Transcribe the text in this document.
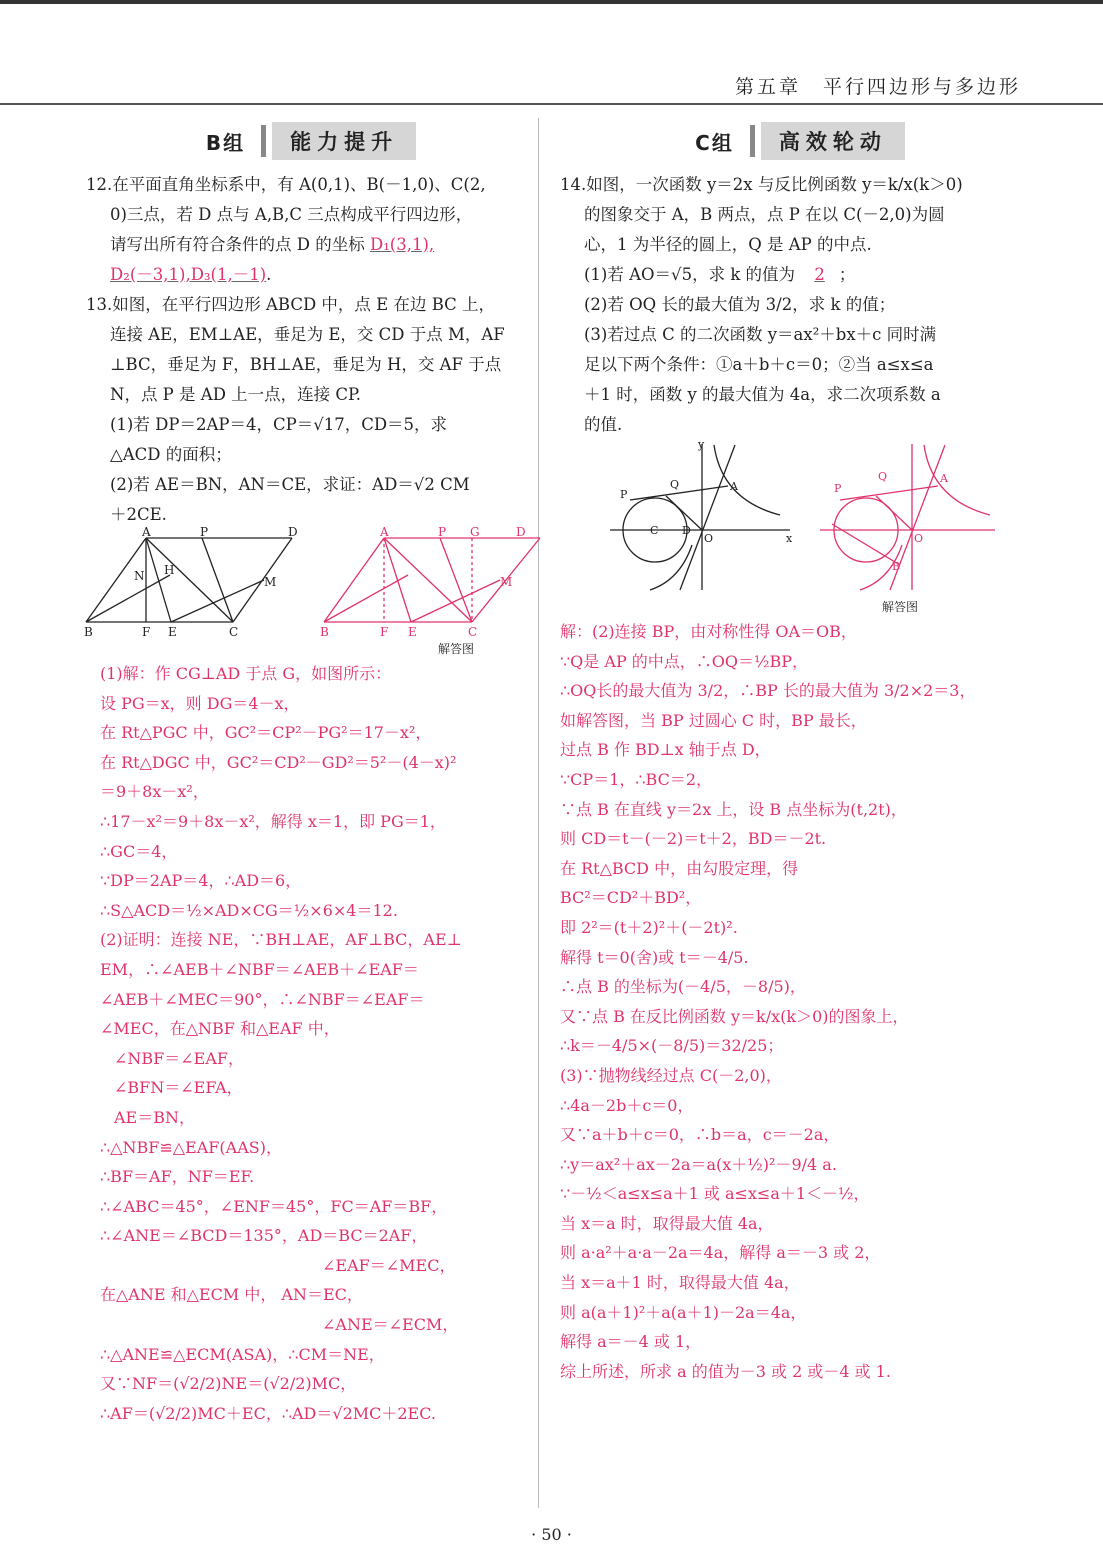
第五章 平行四边形与多边形
B组	能力提升

12.在平面直角坐标系中，有 A(0,1)、B(－1,0)、C(2,

0)三点，若 D 点与 A,B,C 三点构成平行四边形，

请写出所有符合条件的点 D 的坐标 D₁(3,1),

D₂(－3,1),D₃(1,－1).

13.如图，在平行四边形 ABCD 中，点 E 在边 BC 上，

连接 AE，EM⊥AE，垂足为 E，交 CD 于点 M，AF

⊥BC，垂足为 F，BH⊥AE，垂足为 H，交 AF 于点

N，点 P 是 AD 上一点，连接 CP.

(1)若 DP＝2AP＝4，CP＝√17，CD＝5，求

△ACD 的面积；

(2)若 AE＝BN，AN＝CE，求证：AD＝√2 CM

＋2CE.

A	P	D
B	F E	C
N H
M
A	P G	D
B	F E	C
M
解答图

(1)解：作 CG⊥AD 于点 G，如图所示：

设 PG＝x，则 DG＝4－x，

在 Rt△PGC 中，GC²＝CP²－PG²＝17－x²，

在 Rt△DGC 中，GC²＝CD²－GD²＝5²－(4－x)²

＝9＋8x－x²，

∴17－x²＝9＋8x－x²，解得 x＝1，即 PG＝1，

∴GC＝4，

∵DP＝2AP＝4，∴AD＝6，

∴S△ACD＝½×AD×CG＝½×6×4＝12.

(2)证明：连接 NE，∵BH⊥AE，AF⊥BC，AE⊥

EM，∴∠AEB＋∠NBF＝∠AEB＋∠EAF＝

∠AEB＋∠MEC＝90°，∴∠NBF＝∠EAF＝

∠MEC，在△NBF 和△EAF 中，

∠NBF＝∠EAF，

∠BFN＝∠EFA，

AE＝BN，

∴△NBF≌△EAF(AAS)，

∴BF＝AF，NF＝EF.

∴∠ABC＝45°，∠ENF＝45°，FC＝AF＝BF，

∴∠ANE＝∠BCD＝135°，AD＝BC＝2AF，

∠EAF＝∠MEC，

在△ANE 和△ECM 中， AN＝EC，

∠ANE＝∠ECM，

∴△ANE≌△ECM(ASA)，∴CM＝NE，

又∵NF＝(√2/2)NE＝(√2/2)MC，

∴AF＝(√2/2)MC＋EC，∴AD＝√2MC＋2EC.

C组	高效轮动

14.如图，一次函数 y＝2x 与反比例函数 y＝k/x(k＞0)

的图象交于 A，B 两点，点 P 在以 C(－2,0)为圆

心，1 为半径的圆上，Q 是 AP 的中点.

(1)若 AO＝√5，求 k 的值为 2 ；

(2)若 OQ 长的最大值为 3/2，求 k 的值；

(3)若过点 C 的二次函数 y＝ax²＋bx＋c 同时满

足以下两个条件：①a＋b＋c＝0；②当 a≤x≤a

＋1 时，函数 y 的最大值为 4a，求二次项系数 a

的值.

y
x
O
A
Q
P
C D
Q
P
A
O
B
解答图

解：(2)连接 BP，由对称性得 OA＝OB，

∵Q是 AP 的中点，∴OQ＝½BP，

∴OQ长的最大值为 3/2，∴BP 长的最大值为 3/2×2＝3，

如解答图，当 BP 过圆心 C 时，BP 最长，

过点 B 作 BD⊥x 轴于点 D，

∵CP＝1，∴BC＝2，

∵点 B 在直线 y＝2x 上，设 B 点坐标为(t,2t)，

则 CD＝t－(－2)＝t＋2，BD＝－2t.

在 Rt△BCD 中，由勾股定理，得

BC²＝CD²＋BD²，

即 2²＝(t＋2)²＋(－2t)².

解得 t＝0(舍)或 t＝－4/5.

∴点 B 的坐标为(－4/5，－8/5)，

又∵点 B 在反比例函数 y＝k/x(k＞0)的图象上，

∴k＝－4/5×(－8/5)＝32/25；

(3)∵抛物线经过点 C(－2,0)，

∴4a－2b＋c＝0，

又∵a＋b＋c＝0，∴b＝a，c＝－2a，

∴y＝ax²＋ax－2a＝a(x＋½)²－9/4 a.

∵－½＜a≤x≤a＋1 或 a≤x≤a＋1＜－½，

当 x＝a 时，取得最大值 4a，

则 a·a²＋a·a－2a＝4a，解得 a＝－3 或 2，

当 x＝a＋1 时，取得最大值 4a，

则 a(a＋1)²＋a(a＋1)－2a＝4a，

解得 a＝－4 或 1，

综上所述，所求 a 的值为－3 或 2 或－4 或 1.

· 50 ·
